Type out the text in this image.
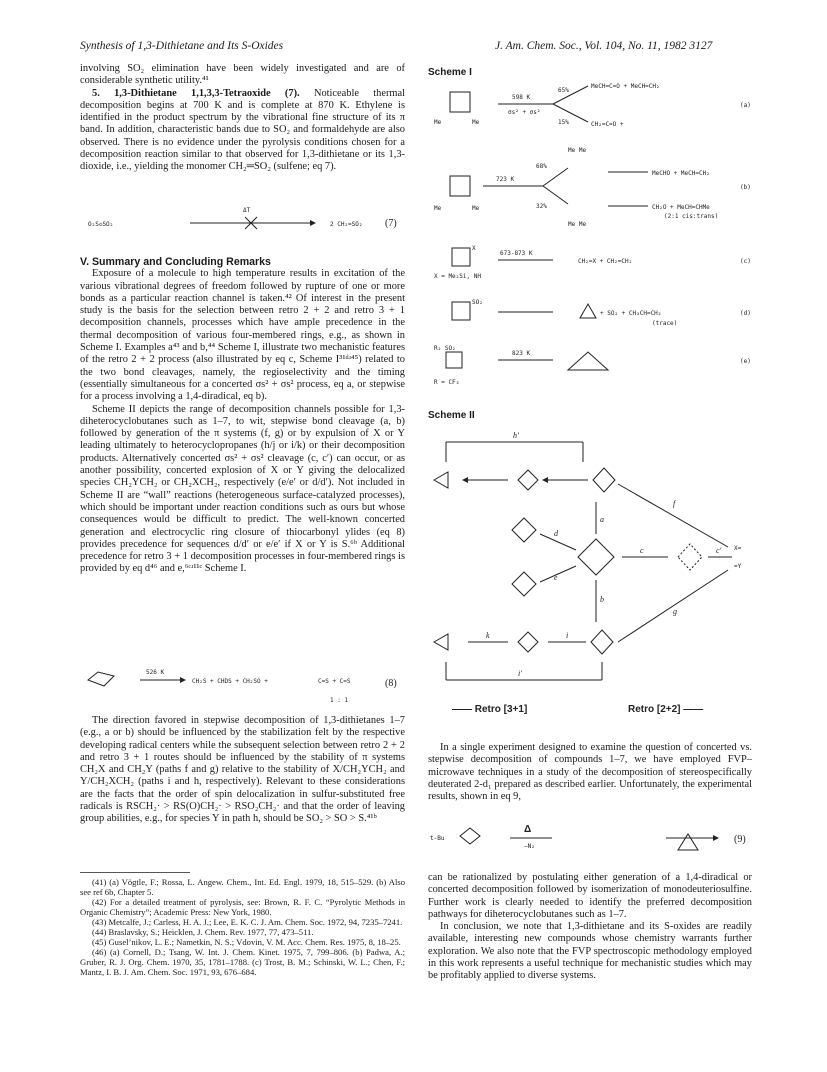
Synthesis of 1,3-Dithietane and Its S-Oxides	J. Am. Chem. Soc., Vol. 104, No. 11, 1982 3127

involving SO₂ elimination have been widely investigated and are of considerable synthetic utility.⁴¹

5. 1,3-Dithietane 1,1,3,3-Tetraoxide (7). Noticeable thermal decomposition begins at 700 K and is complete at 870 K. Ethylene is identified in the product spectrum by the vibrational fine structure of its π band. In addition, characteristic bands due to SO₂ and formaldehyde are also observed. There is no evidence under the pyrolysis conditions chosen for a decomposition reaction similar to that observed for 1,3-dithietane or its 1,3-dioxide, i.e., yielding the monomer CH₂═SO₂ (sulfene; eq 7).

O₂S◇SO₂
ΔT
2 CH₂=SO₂ (7)
V. Summary and Concluding Remarks

Exposure of a molecule to high temperature results in excitation of the various vibrational degrees of freedom followed by rupture of one or more bonds as a particular reaction channel is taken.⁴² Of interest in the present study is the basis for the selection between retro 2 + 2 and retro 3 + 1 decomposition channels, processes which have ample precedence in the thermal decomposition of various four-membered rings, e.g., as shown in Scheme I. Examples a⁴³ and b,⁴⁴ Scheme I, illustrate two mechanistic features of the retro 2 + 2 process (also illustrated by eq c, Scheme I³¹ᵈʴ⁴⁵) related to the two bond cleavages, namely, the regioselectivity and the timing (essentially simultaneous for a concerted σs² + σs² process, eq a, or stepwise for a process involving a 1,4-diradical, eq b).

Scheme II depicts the range of decomposition channels possible for 1,3-diheterocyclobutanes such as 1–7, to wit, stepwise bond cleavage (a, b) followed by generation of the π systems (f, g) or by expulsion of X or Y leading ultimately to heterocyclopropanes (h/j or i/k) or their decomposition products. Alternatively concerted σs² + σs² cleavage (c, c′) can occur, or as another possibility, concerted explosion of X or Y giving the delocalized species CH₂YCH₂ or CH₂XCH₂, respectively (e/e′ or d/d′). Not included in Scheme II are “wall” reactions (heterogeneous surface-catalyzed processes), which should be important under reaction conditions such as ours but whose consequences would be difficult to predict. The well-known concerted generation and electrocyclic ring closure of thiocarbonyl ylides (eq 8) provides precedence for sequences d/d′ or e/e′ if X or Y is S.⁶ᵇ Additional precedence for retro 3 + 1 decomposition processes in four-membered rings is provided by eq d⁴⁶ and e,⁶ᶜʴ¹¹ᶜ Scheme I.

526 K
CH₂S + CHDS + CH₂SO +	C=S + C=S
1 : 1
(8)

The direction favored in stepwise decomposition of 1,3-dithietanes 1–7 (e.g., a or b) should be influenced by the stabilization felt by the respective developing radical centers while the subsequent selection between retro 2 + 2 and retro 3 + 1 routes should be influenced by the stability of π systems CH₂X and CH₂Y (paths f and g) relative to the stability of X/CH₂YCH₂ and Y/CH₂XCH₂ (paths i and h, respectively). Relevant to these considerations are the facts that the order of spin delocalization in sulfur-substituted free radicals is RSCH₂· > RS(O)CH₂· > RSO₂CH₂· and that the order of leaving group abilities, e.g., for species Y in path h, should be SO₂ > SO > S.⁴¹ᵇ

(41) (a) Vögtle, F.; Rossa, L. Angew. Chem., Int. Ed. Engl. 1979, 18, 515–529. (b) Also see ref 6b, Chapter 5.

(42) For a detailed treatment of pyrolysis, see: Brown, R. F. C. “Pyrolytic Methods in Organic Chemistry”; Academic Press: New York, 1980.

(43) Metcalfe, J.; Carless, H. A. J.; Lee, E. K. C. J. Am. Chem. Soc. 1972, 94, 7235–7241.

(44) Braslavsky, S.; Heicklen, J. Chem. Rev. 1977, 77, 473–511.

(45) Gusel’nikov, L. E.; Nametkin, N. S.; Vdovin, V. M. Acc. Chem. Res. 1975, 8, 18–25.

(46) (a) Cornell, D.; Tsang, W. Int. J. Chem. Kinet. 1975, 7, 799–806. (b) Padwa, A.; Gruber, R. J. Org. Chem. 1970, 35, 1781–1788. (c) Trost, B. M.; Schinski, W. L.; Chen, F.; Mantz, I. B. J. Am. Chem. Soc. 1971, 93, 676–684.

Scheme I
Me	Me
598 K
σs² + σs²
65%
15%
MeCH=C=O + MeCH=CH₂
CH₂=C=O +
(a)
Me	Me
723 K
68%
32%
Me Me
Me Me
MeCHO + MeCH=CH₂
CH₂O + MeCH=CHMe
(2:1 cis:trans)
(b)
X
X = Me₂Si, NH
673-873 K
CH₂=X + CH₂=CH₂	(c)
SO₂
+ SO₂ + CH₃CH=CH₂
(trace)
(d)
R₂ SO₂
R = CF₃
823 K
(e)
Scheme II
h'
a
b
c	c' X=
=Y
f
g
d
e
k	i
i'
—— Retro [3+1]	Retro [2+2] ——

In a single experiment designed to examine the question of concerted vs. stepwise decomposition of compounds 1–7, we have employed FVP–microwave techniques in a study of the decomposition of stereospecifically deuterated 2-d₁ prepared as described earlier. Unfortunately, the experimental results, shown in eq 9,

t-Bu
Δ
−N₂
(9)

can be rationalized by postulating either generation of a 1,4-diradical or concerted decomposition followed by isomerization of monodeuteriosulfine. Further work is clearly needed to identify the preferred decomposition pathways for diheterocyclobutanes such as 1–7.

In conclusion, we note that 1,3-dithietane and its S-oxides are readily available, interesting new compounds whose chemistry warrants further exploration. We also note that the FVP spectroscopic methodology employed in this work represents a useful technique for mechanistic studies which may be profitably applied to diverse systems.
